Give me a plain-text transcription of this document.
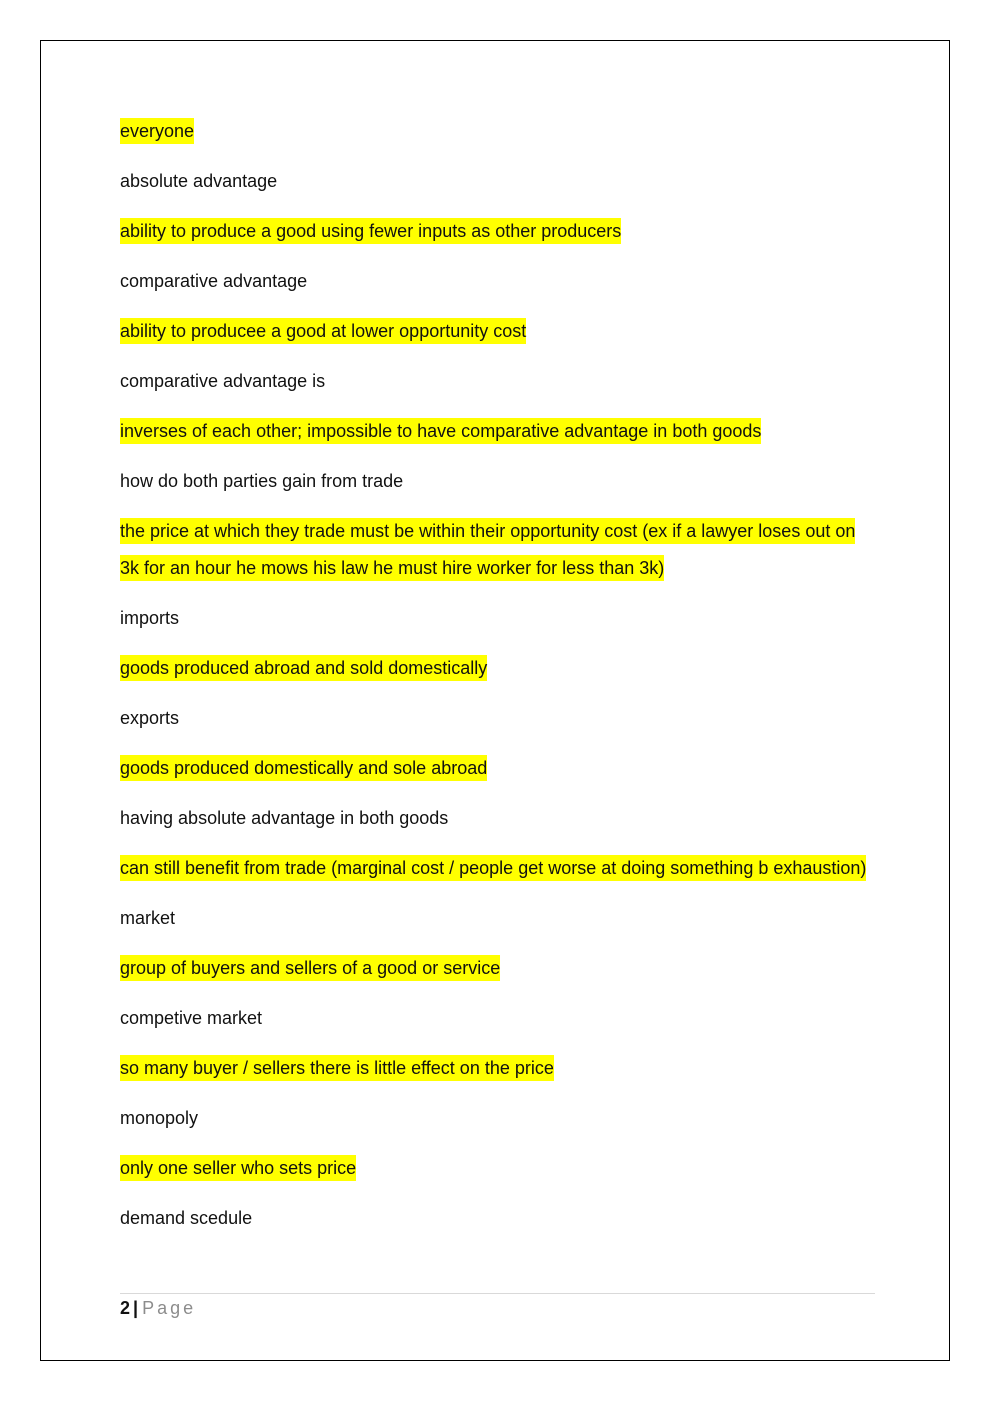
everyone

absolute advantage

ability to produce a good using fewer inputs as other producers

comparative advantage

ability to producee a good at lower opportunity cost

comparative advantage is

inverses of each other; impossible to have comparative advantage in both goods

how do both parties gain from trade

the price at which they trade must be within their opportunity cost (ex if a lawyer loses out on 3k for an hour he mows his law he must hire worker for less than 3k)

imports

goods produced abroad and sold domestically

exports

goods produced domestically and sole abroad

having absolute advantage in both goods

can still benefit from trade (marginal cost / people get worse at doing something b exhaustion)

market

group of buyers and sellers of a good or service

competive market

so many buyer / sellers there is little effect on the price

monopoly

only one seller who sets price

demand scedule

2 | Page
